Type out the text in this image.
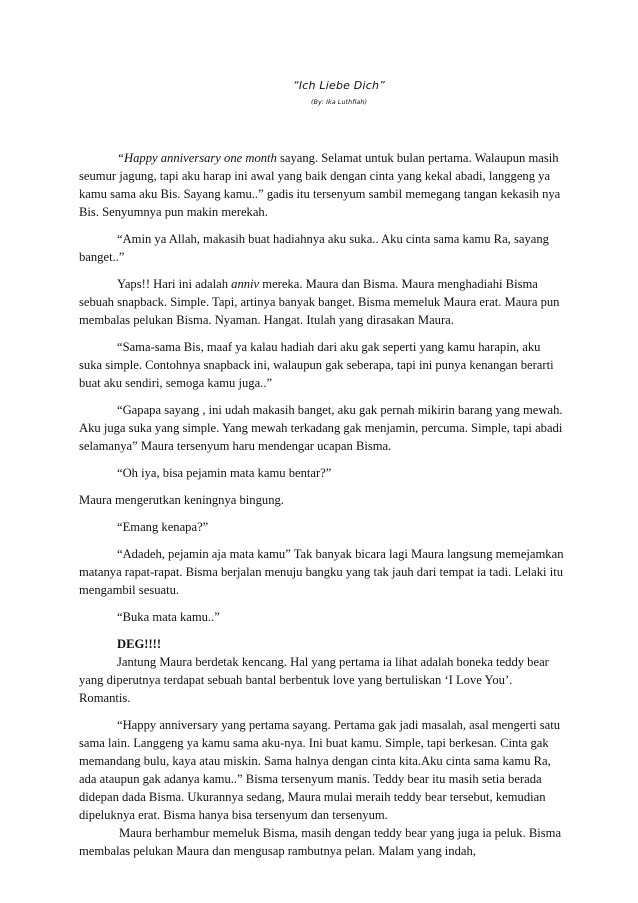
“Ich Liebe Dich”
(By: Ika Luthfiah)

“Happy anniversary one month sayang. Selamat untuk bulan pertama. Walaupun masih seumur jagung, tapi aku harap ini awal yang baik dengan cinta yang kekal abadi, langgeng ya kamu sama aku Bis. Sayang kamu..” gadis itu tersenyum sambil memegang tangan kekasih nya Bis. Senyumnya pun makin merekah.

“Amin ya Allah, makasih buat hadiahnya aku suka.. Aku cinta sama kamu Ra, sayang banget..”

Yaps!! Hari ini adalah anniv mereka. Maura dan Bisma. Maura menghadiahi Bisma sebuah snapback. Simple. Tapi, artinya banyak banget. Bisma memeluk Maura erat. Maura pun membalas pelukan Bisma. Nyaman. Hangat. Itulah yang dirasakan Maura.

“Sama-sama Bis, maaf ya kalau hadiah dari aku gak seperti yang kamu harapin, aku suka simple. Contohnya snapback ini, walaupun gak seberapa, tapi ini punya kenangan berarti buat aku sendiri, semoga kamu juga..”

“Gapapa sayang , ini udah makasih banget, aku gak pernah mikirin barang yang mewah. Aku juga suka yang simple. Yang mewah terkadang gak menjamin, percuma. Simple, tapi abadi selamanya” Maura tersenyum haru mendengar ucapan Bisma.

“Oh iya, bisa pejamin mata kamu bentar?”

Maura mengerutkan keningnya bingung.

“Emang kenapa?”

“Adadeh, pejamin aja mata kamu” Tak banyak bicara lagi Maura langsung memejamkan matanya rapat-rapat. Bisma berjalan menuju bangku yang tak jauh dari tempat ia tadi. Lelaki itu mengambil sesuatu.

“Buka mata kamu..”

DEG!!!!

Jantung Maura berdetak kencang. Hal yang pertama ia lihat adalah boneka teddy bear yang diperutnya terdapat sebuah bantal berbentuk love yang bertuliskan ‘I Love You’. Romantis.

“Happy anniversary yang pertama sayang. Pertama gak jadi masalah, asal mengerti satu sama lain. Langgeng ya kamu sama aku-nya. Ini buat kamu. Simple, tapi berkesan. Cinta gak memandang bulu, kaya atau miskin. Sama halnya dengan cinta kita.Aku cinta sama kamu Ra, ada ataupun gak adanya kamu..” Bisma tersenyum manis. Teddy bear itu masih setia berada didepan dada Bisma. Ukurannya sedang, Maura mulai meraih teddy bear tersebut, kemudian dipeluknya erat. Bisma hanya bisa tersenyum dan tersenyum.

Maura berhambur memeluk Bisma, masih dengan teddy bear yang juga ia peluk. Bisma membalas pelukan Maura dan mengusap rambutnya pelan. Malam yang indah,
